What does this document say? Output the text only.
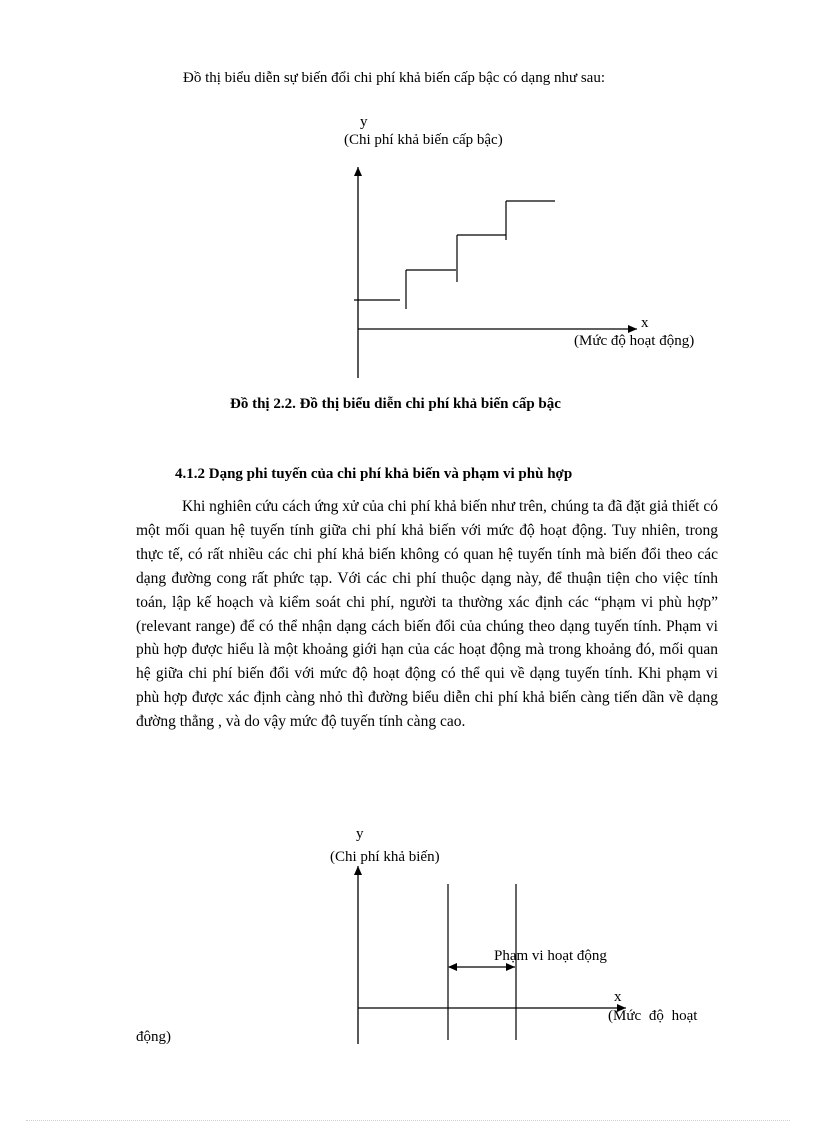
Đồ thị biểu diễn sự biến đổi chi phí khả biến cấp bậc có dạng như sau:
y
(Chi phí khả biến cấp bậc)
x
(Mức độ hoạt động)
Đồ thị 2.2. Đồ thị biểu diễn chi phí khả biến cấp bậc
4.1.2 Dạng phi tuyến của chi phí khả biến và phạm vi phù hợp
Khi nghiên cứu cách ứng xử của chi phí khả biến như trên, chúng ta đã đặt giả thiết có một mối quan hệ tuyến tính giữa chi phí khả biến với mức độ hoạt động. Tuy nhiên, trong thực tế, có rất nhiều các chi phí khả biến không có quan hệ tuyến tính mà biến đổi theo các dạng đường cong rất phức tạp. Với các chi phí thuộc dạng này, để thuận tiện cho việc tính toán, lập kế hoạch và kiểm soát chi phí, người ta thường xác định các “phạm vi phù hợp” (relevant range) để có thể nhận dạng cách biến đổi của chúng theo dạng tuyến tính. Phạm vi phù hợp được hiểu là một khoảng giới hạn của các hoạt động mà trong khoảng đó, mối quan hệ giữa chi phí biến đổi với mức độ hoạt động có thể qui về dạng tuyến tính. Khi phạm vi phù hợp được xác định càng nhỏ thì đường biểu diễn chi phí khả biến càng tiến dần về dạng đường thẳng , và do vậy mức độ tuyến tính càng cao.
y
(Chi phí khả biến)
Phạm vi hoạt động
x
(Mức độ hoạt
động)
